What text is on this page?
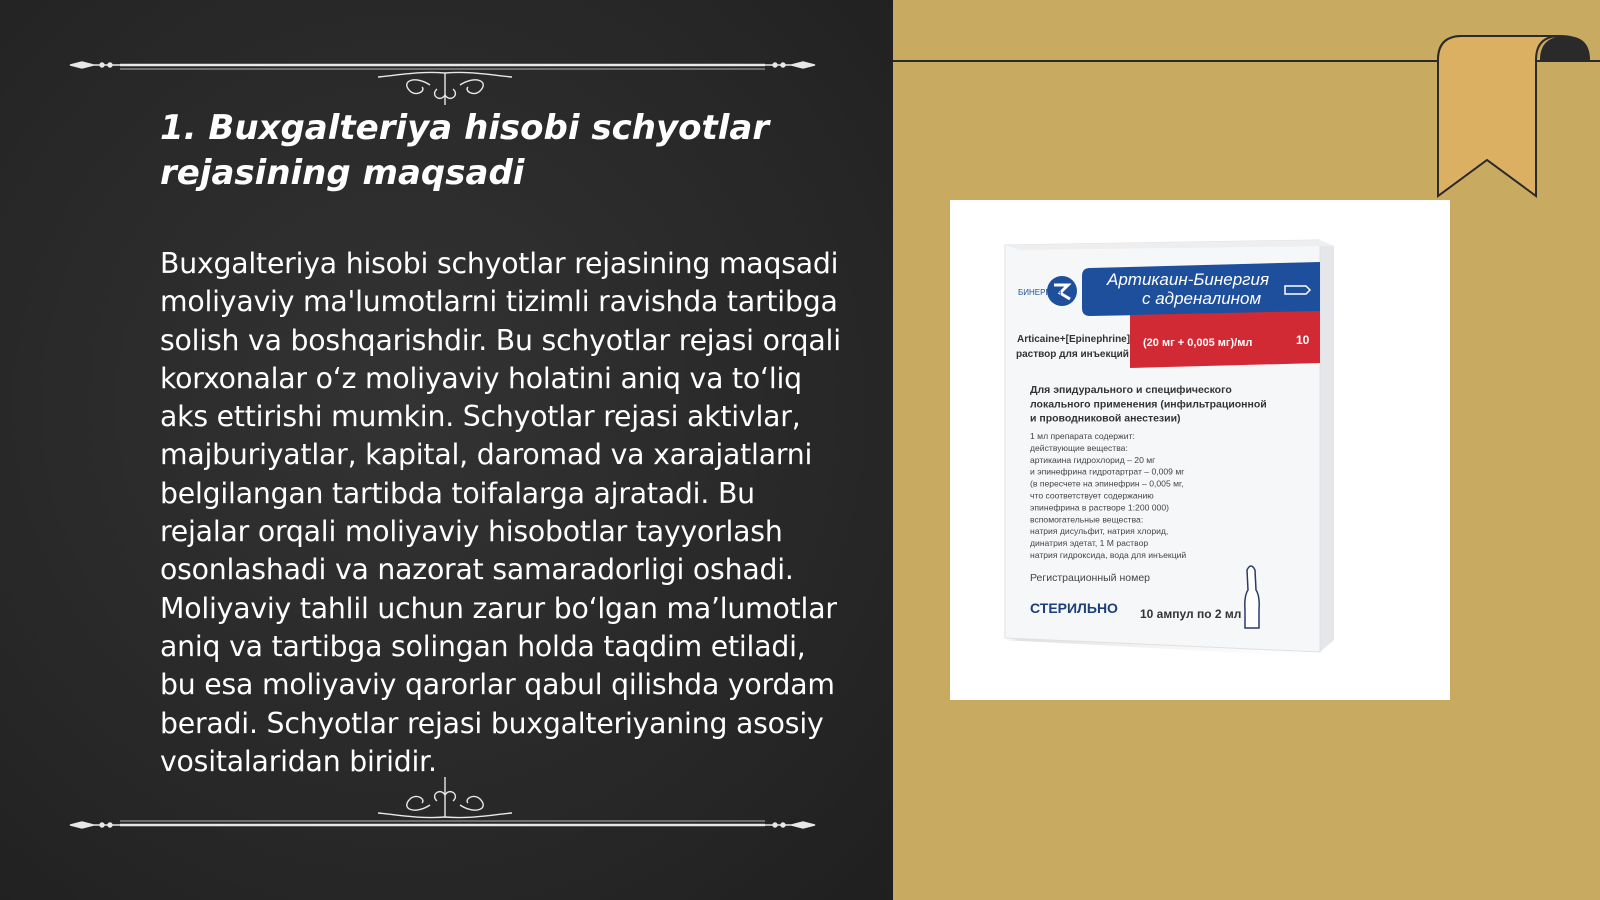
1. Buxgalteriya hisobi schyotlar rejasining maqsadi

Buxgalteriya hisobi schyotlar rejasining maqsadi moliyaviy ma'lumotlarni tizimli ravishda tartibga solish va boshqarishdir. Bu schyotlar rejasi orqali korxonalar o‘z moliyaviy holatini aniq va to‘liq aks ettirishi mumkin. Schyotlar rejasi aktivlar, majburiyatlar, kapital, daromad va xarajatlarni belgilangan tartibda toifalarga ajratadi. Bu rejalar orqali moliyaviy hisobotlar tayyorlash osonlashadi va nazorat samaradorligi oshadi. Moliyaviy tahlil uchun zarur bo‘lgan ma’lumotlar aniq va tartibga solingan holda taqdim etiladi, bu esa moliyaviy qarorlar qabul qilishda yordam beradi. Schyotlar rejasi buxgalteriyaning asosiy vositalaridan biridir.

БИНЕРГИЯ
Артикаин-Бинергия
с адреналином
Articaine+[Epinephrine]
раствор для инъекций
(20 мг + 0,005 мг)/мл	10
Для эпидурального и специфического
локального применения (инфильтрационной
и проводниковой анестезии)
1 мл препарата содержит:
действующие вещества:
артикаина гидрохлорид – 20 мг
и эпинефрина гидротартрат – 0,009 мг
(в пересчете на эпинефрин – 0,005 мг,
что соответствует содержанию
эпинефрина в растворе 1:200 000)
вспомогательные вещества:
натрия дисульфит, натрия хлорид,
динатрия эдетат, 1 М раствор
натрия гидроксида, вода для инъекций
Регистрационный номер
СТЕРИЛЬНО 10 ампул по 2 мл
